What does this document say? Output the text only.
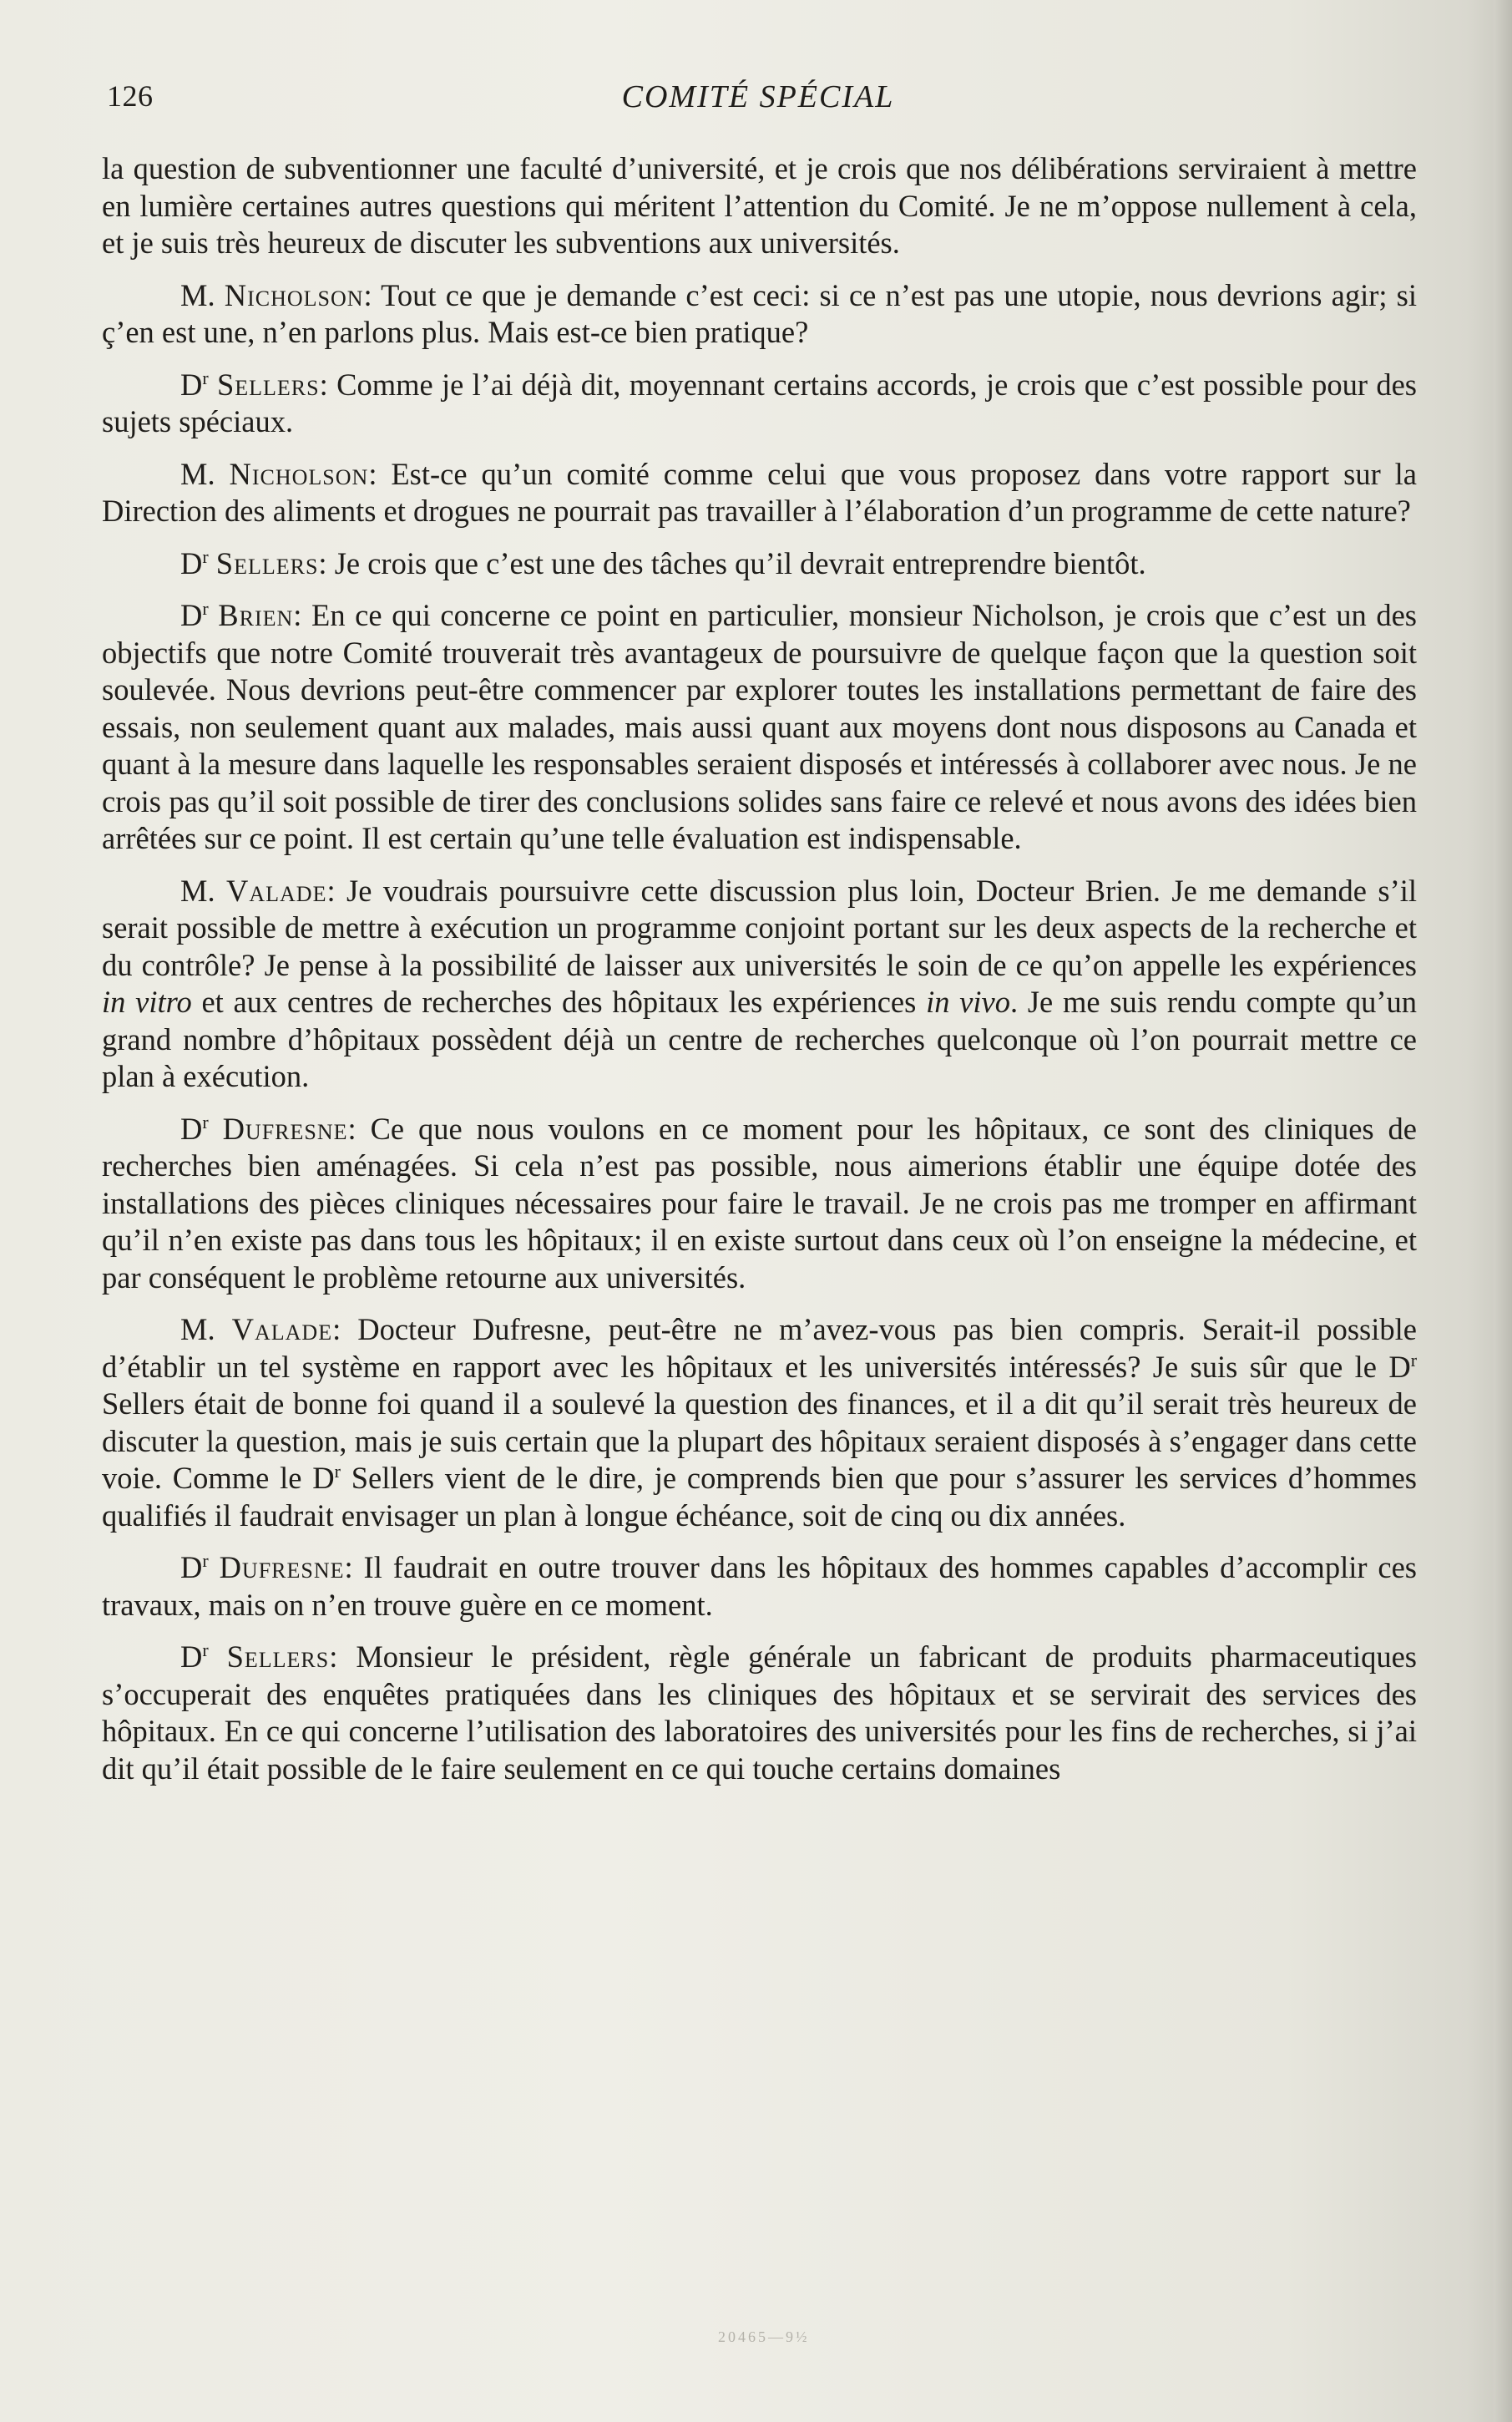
126	COMITÉ SPÉCIAL

la question de subventionner une faculté d’université, et je crois que nos délibérations serviraient à mettre en lumière certaines autres questions qui méritent l’attention du Comité. Je ne m’oppose nullement à cela, et je suis très heureux de discuter les subventions aux universités.

M. Nicholson: Tout ce que je demande c’est ceci: si ce n’est pas une utopie, nous devrions agir; si ç’en est une, n’en parlons plus. Mais est-ce bien pratique?

$D^r$ Sellers: Comme je l’ai déjà dit, moyennant certains accords, je crois que c’est possible pour des sujets spéciaux.

M. Nicholson: Est-ce qu’un comité comme celui que vous proposez dans votre rapport sur la Direction des aliments et drogues ne pourrait pas travailler à l’élaboration d’un programme de cette nature?

$D^r$ Sellers: Je crois que c’est une des tâches qu’il devrait entreprendre bientôt.

$D^r$ Brien: En ce qui concerne ce point en particulier, monsieur Nicholson, je crois que c’est un des objectifs que notre Comité trouverait très avantageux de poursuivre de quelque façon que la question soit soulevée. Nous devrions peut-être commencer par explorer toutes les installations permettant de faire des essais, non seulement quant aux malades, mais aussi quant aux moyens dont nous disposons au Canada et quant à la mesure dans laquelle les responsables seraient disposés et intéressés à collaborer avec nous. Je ne crois pas qu’il soit possible de tirer des conclusions solides sans faire ce relevé et nous avons des idées bien arrêtées sur ce point. Il est certain qu’une telle évaluation est indispensable.

M. Valade: Je voudrais poursuivre cette discussion plus loin, Docteur Brien. Je me demande s’il serait possible de mettre à exécution un programme conjoint portant sur les deux aspects de la recherche et du contrôle? Je pense à la possibilité de laisser aux universités le soin de ce qu’on appelle les expériences in vitro et aux centres de recherches des hôpitaux les expériences in vivo. Je me suis rendu compte qu’un grand nombre d’hôpitaux possèdent déjà un centre de recherches quelconque où l’on pourrait mettre ce plan à exécution.

$D^r$ Dufresne: Ce que nous voulons en ce moment pour les hôpitaux, ce sont des cliniques de recherches bien aménagées. Si cela n’est pas possible, nous aimerions établir une équipe dotée des installations des pièces cliniques nécessaires pour faire le travail. Je ne crois pas me tromper en affirmant qu’il n’en existe pas dans tous les hôpitaux; il en existe surtout dans ceux où l’on enseigne la médecine, et par conséquent le problème retourne aux universités.

M. Valade: Docteur Dufresne, peut-être ne m’avez-vous pas bien compris. Serait-il possible d’établir un tel système en rapport avec les hôpitaux et les universités intéressés? Je suis sûr que le $D^r$ Sellers était de bonne foi quand il a soulevé la question des finances, et il a dit qu’il serait très heureux de discuter la question, mais je suis certain que la plupart des hôpitaux seraient disposés à s’engager dans cette voie. Comme le $D^r$ Sellers vient de le dire, je comprends bien que pour s’assurer les services d’hommes qualifiés il faudrait envisager un plan à longue échéance, soit de cinq ou dix années.

$D^r$ Dufresne: Il faudrait en outre trouver dans les hôpitaux des hommes capables d’accomplir ces travaux, mais on n’en trouve guère en ce moment.

$D^r$ Sellers: Monsieur le président, règle générale un fabricant de produits pharmaceutiques s’occuperait des enquêtes pratiquées dans les cliniques des hôpitaux et se servirait des services des hôpitaux. En ce qui concerne l’utilisation des laboratoires des universités pour les fins de recherches, si j’ai dit qu’il était possible de le faire seulement en ce qui touche certains domaines

20465—9½
